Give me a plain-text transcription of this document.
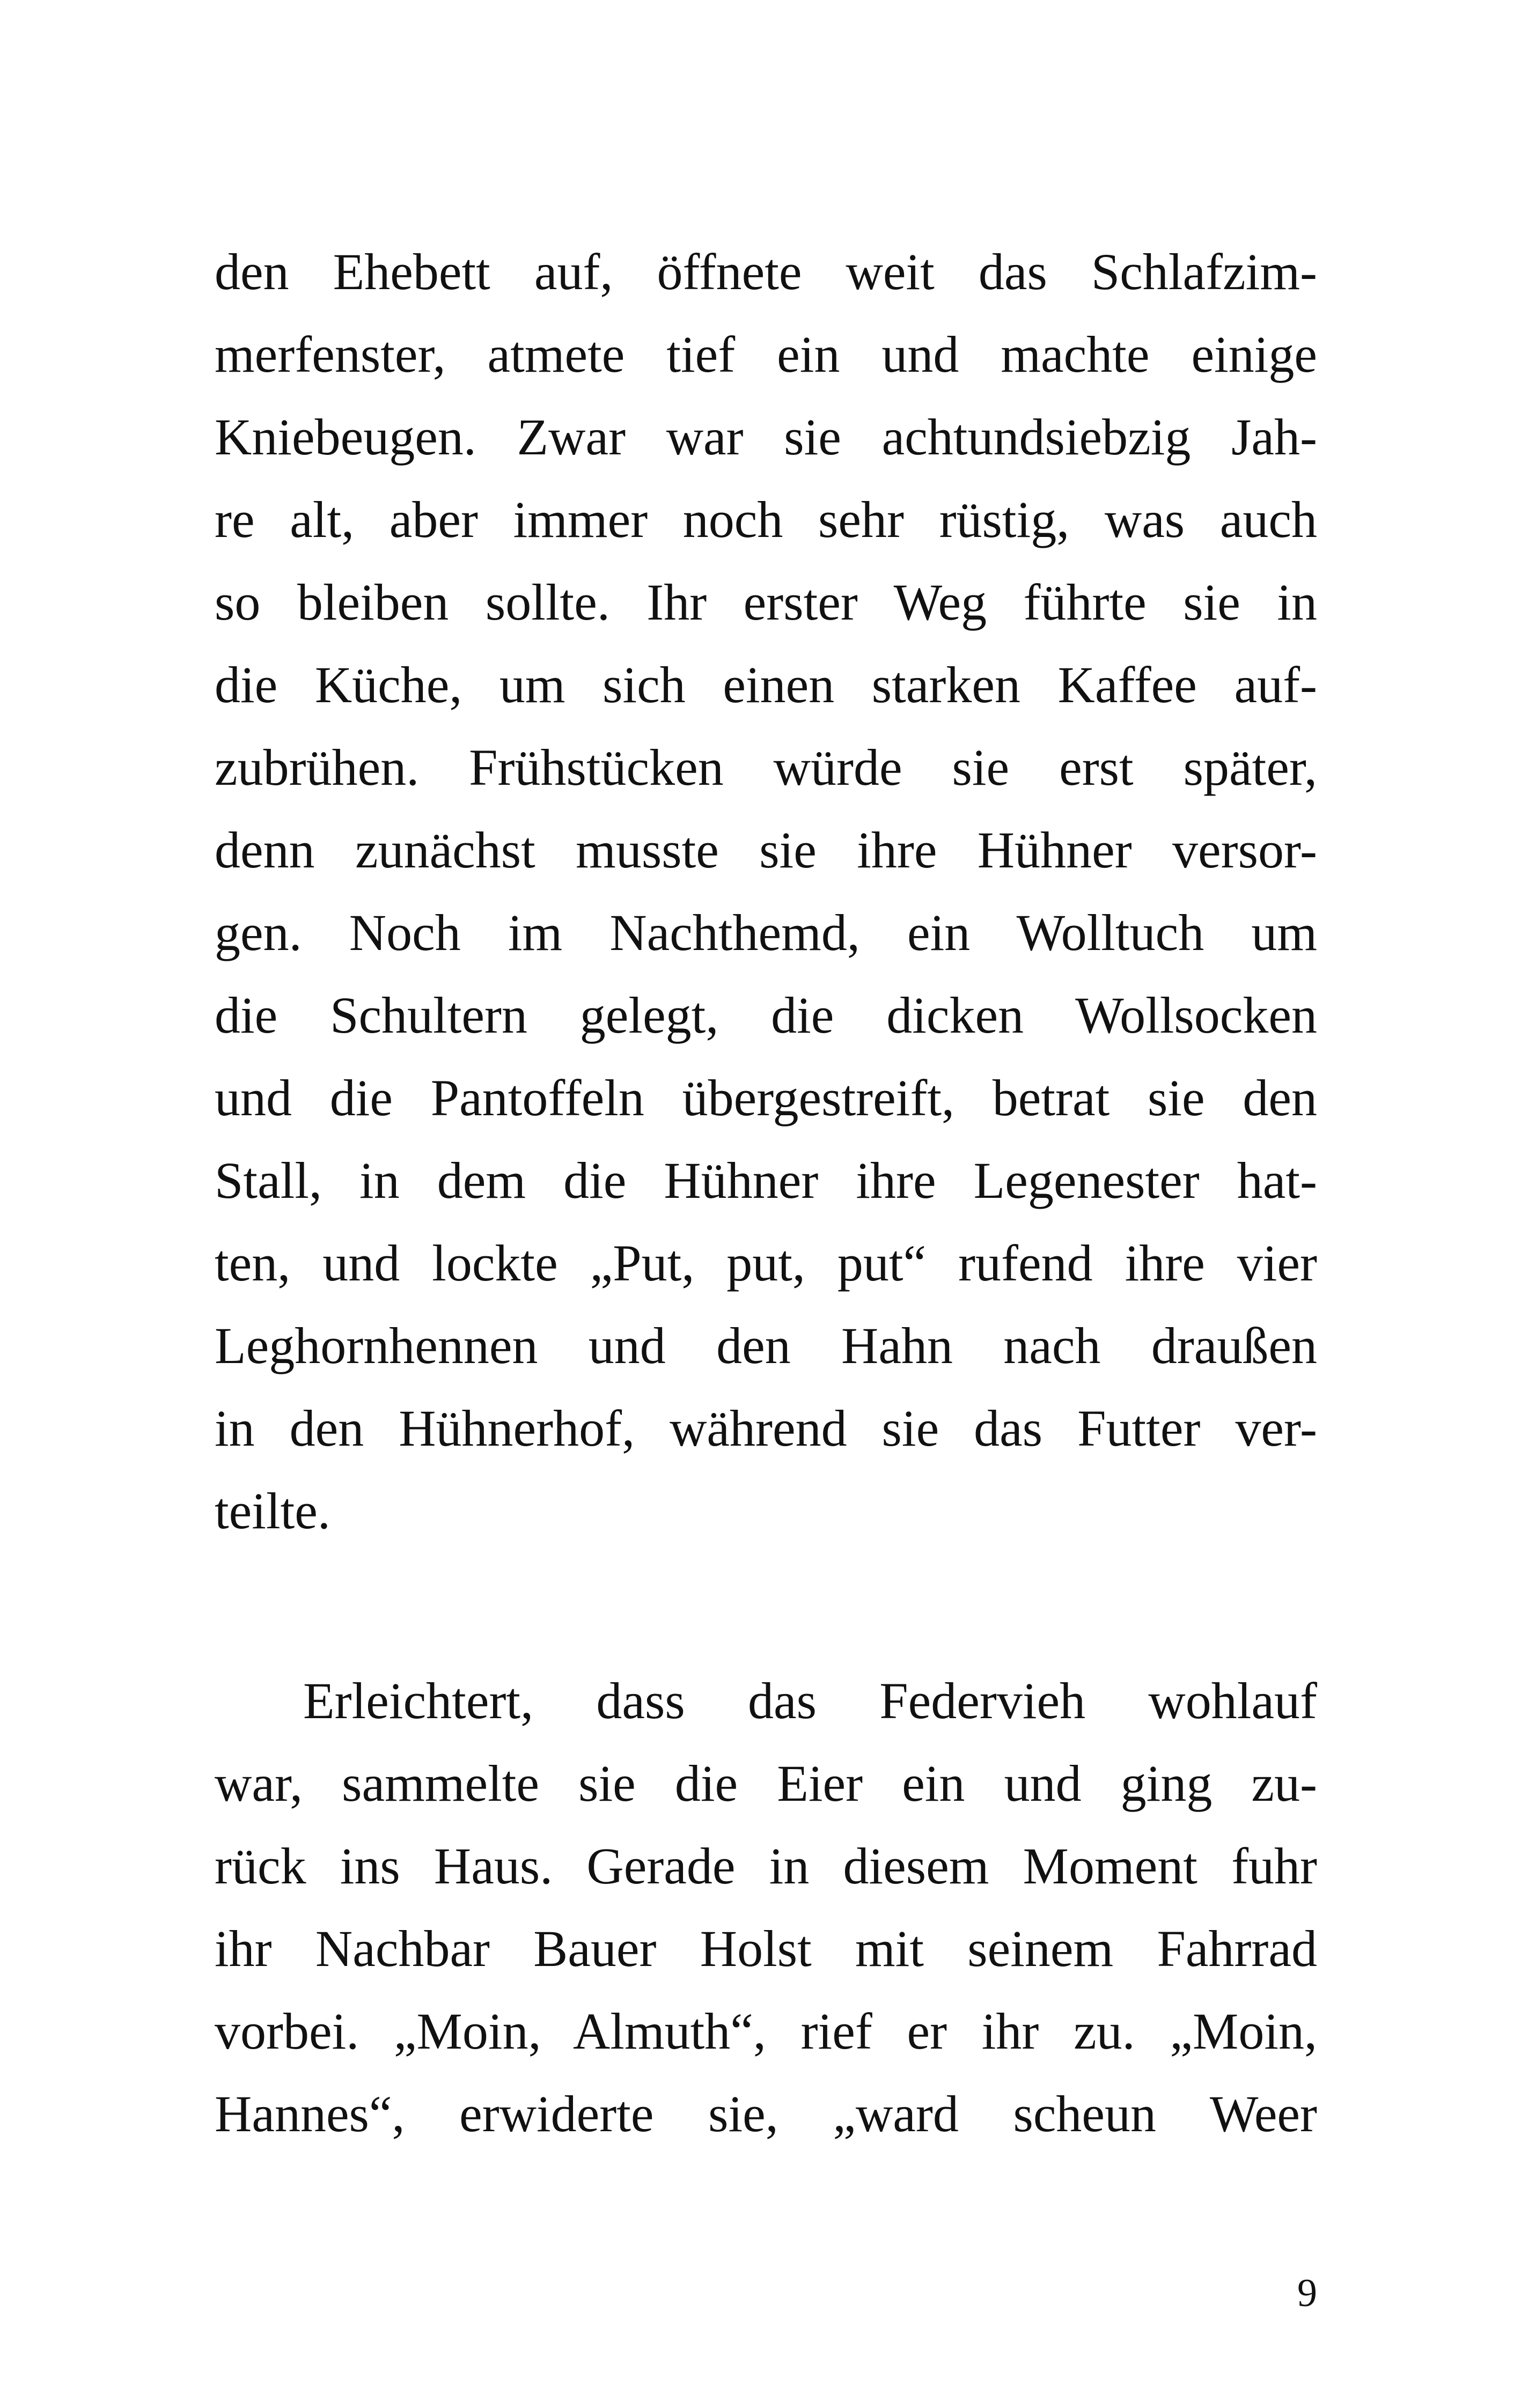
den Ehebett auf, öffnete weit das Schlafzim-
merfenster, atmete tief ein und machte einige
Kniebeugen. Zwar war sie achtundsiebzig Jah-
re alt, aber immer noch sehr rüstig, was auch
so bleiben sollte. Ihr erster Weg führte sie in
die Küche, um sich einen starken Kaffee auf-
zubrühen. Frühstücken würde sie erst später,
denn zunächst musste sie ihre Hühner versor-
gen. Noch im Nachthemd, ein Wolltuch um
die Schultern gelegt, die dicken Wollsocken
und die Pantoffeln übergestreift, betrat sie den
Stall, in dem die Hühner ihre Legenester hat-
ten, und lockte „Put, put, put“ rufend ihre vier
Leghornhennen und den Hahn nach draußen
in den Hühnerhof, während sie das Futter ver-
teilte.
Erleichtert, dass das Federvieh wohlauf
war, sammelte sie die Eier ein und ging zu-
rück ins Haus. Gerade in diesem Moment fuhr
ihr Nachbar Bauer Holst mit seinem Fahrrad
vorbei. „Moin, Almuth“, rief er ihr zu. „Moin,
Hannes“, erwiderte sie, „ward scheun Weer
9
